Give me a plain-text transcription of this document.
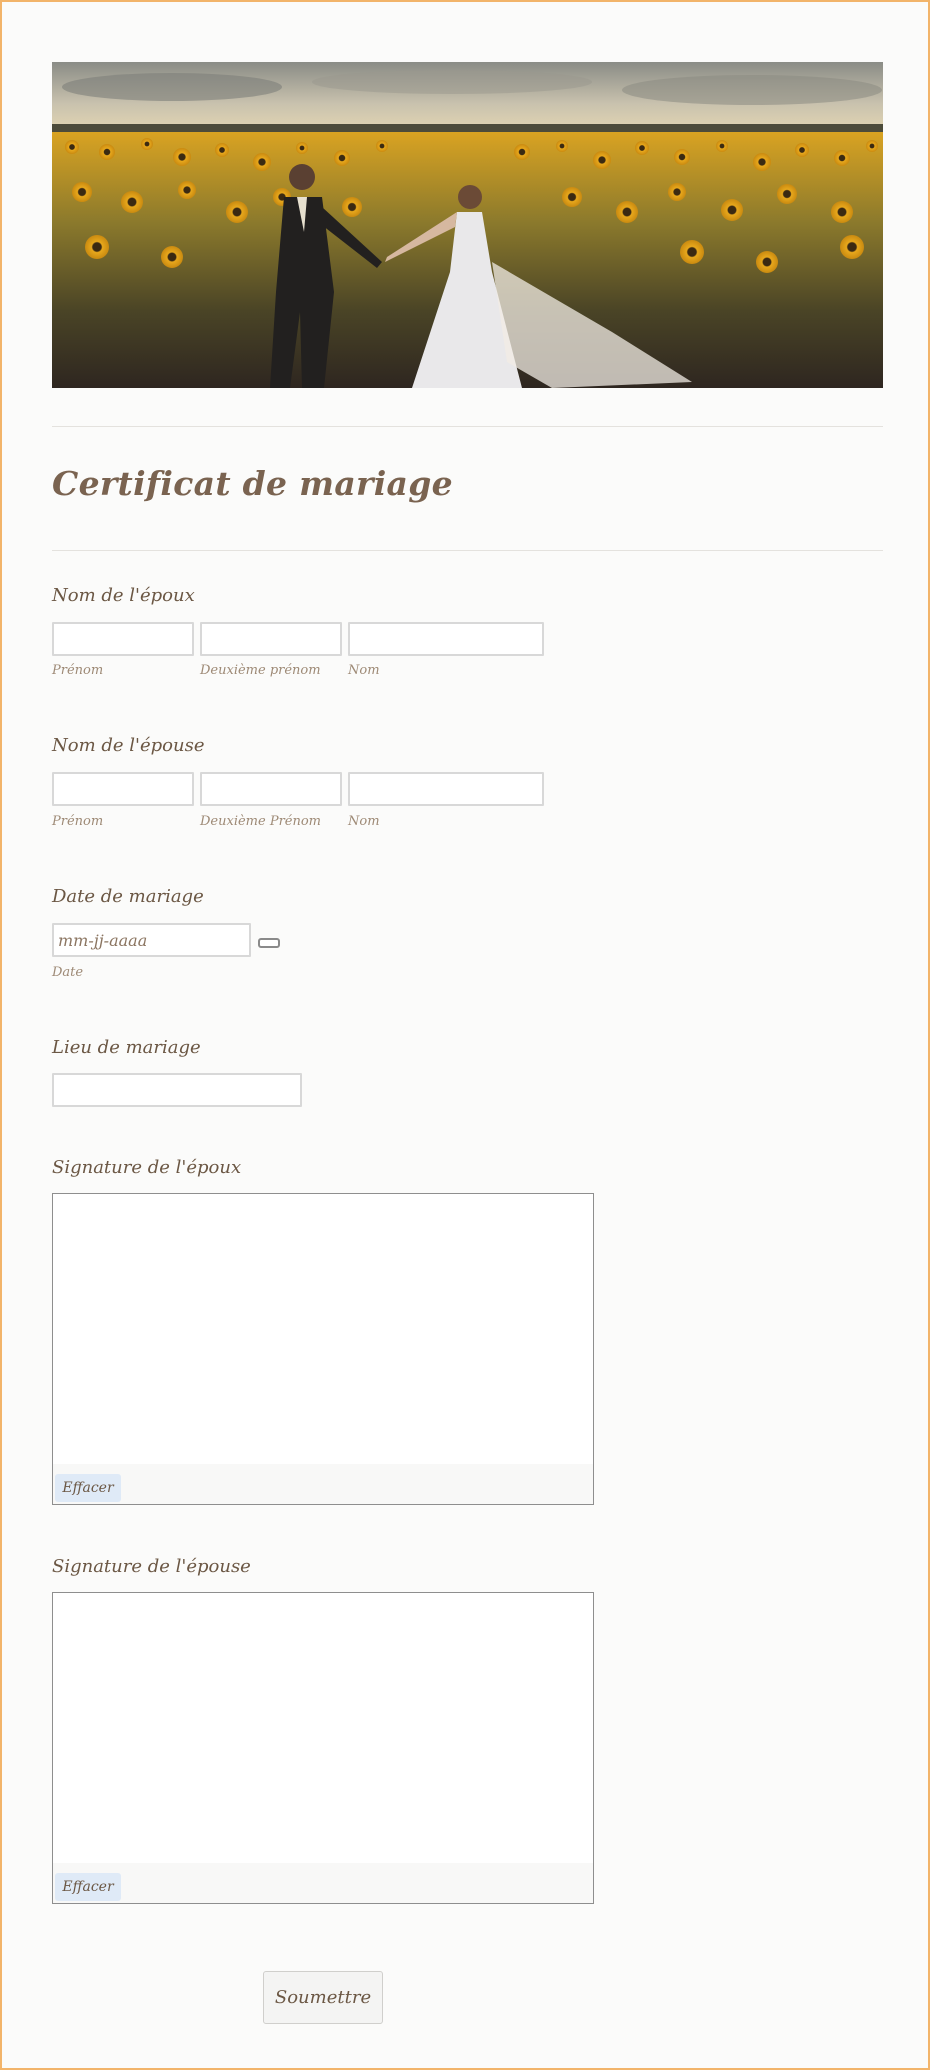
Certificat de mariage
Nom de l'époux
Prénom	Deuxième prénom Nom
Nom de l'épouse
Prénom	Deuxième Prénom Nom
Date de mariage
mm-jj-aaaa
Date
Lieu de mariage
Signature de l'époux
Effacer
Signature de l'épouse
Effacer
Soumettre
